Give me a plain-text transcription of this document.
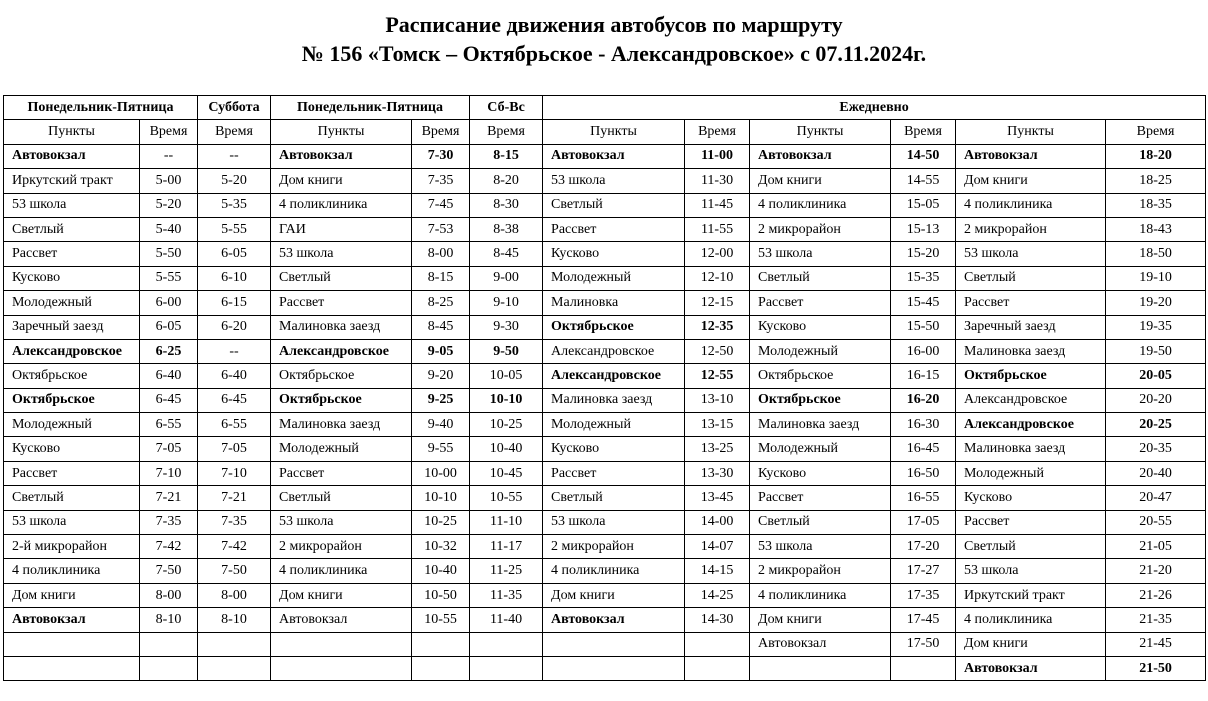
Расписание движения автобусов по маршруту
№ 156 «Томск – Октябрьское - Александровское» с 07.11.2024г.
Понедельник-Пятница		Суббота	Понедельник-Пятница		Сб-Вс	Ежедневно					
Пункты	Время	Время	Пункты	Время	Время	Пункты	Время	Пункты	Время	Пункты	Время
Автовокзал	--	--	Автовокзал	7-30	8-15	Автовокзал	11-00	Автовокзал	14-50	Автовокзал	18-20
Иркутский тракт	5-00	5-20	Дом книги	7-35	8-20	53 школа	11-30	Дом книги	14-55	Дом книги	18-25
53 школа	5-20	5-35	4 поликлиника	7-45	8-30	Светлый	11-45	4 поликлиника	15-05	4 поликлиника	18-35
Светлый	5-40	5-55	ГАИ	7-53	8-38	Рассвет	11-55	2 микрорайон	15-13	2 микрорайон	18-43
Рассвет	5-50	6-05	53 школа	8-00	8-45	Кусково	12-00	53 школа	15-20	53 школа	18-50
Кусково	5-55	6-10	Светлый	8-15	9-00	Молодежный	12-10	Светлый	15-35	Светлый	19-10
Молодежный	6-00	6-15	Рассвет	8-25	9-10	Малиновка	12-15	Рассвет	15-45	Рассвет	19-20
Заречный заезд	6-05	6-20	Малиновка заезд	8-45	9-30	Октябрьское	12-35	Кусково	15-50	Заречный заезд	19-35
Александровское	6-25	--	Александровское	9-05	9-50	Александровское	12-50	Молодежный	16-00	Малиновка заезд	19-50
Октябрьское	6-40	6-40	Октябрьское	9-20	10-05	Александровское	12-55	Октябрьское	16-15	Октябрьское	20-05
Октябрьское	6-45	6-45	Октябрьское	9-25	10-10	Малиновка заезд	13-10	Октябрьское	16-20	Александровское	20-20
Молодежный	6-55	6-55	Малиновка заезд	9-40	10-25	Молодежный	13-15	Малиновка заезд	16-30	Александровское	20-25
Кусково	7-05	7-05	Молодежный	9-55	10-40	Кусково	13-25	Молодежный	16-45	Малиновка заезд	20-35
Рассвет	7-10	7-10	Рассвет	10-00	10-45	Рассвет	13-30	Кусково	16-50	Молодежный	20-40
Светлый	7-21	7-21	Светлый	10-10	10-55	Светлый	13-45	Рассвет	16-55	Кусково	20-47
53 школа	7-35	7-35	53 школа	10-25	11-10	53 школа	14-00	Светлый	17-05	Рассвет	20-55
2-й микрорайон	7-42	7-42	2 микрорайон	10-32	11-17	2 микрорайон	14-07	53 школа	17-20	Светлый	21-05
4 поликлиника	7-50	7-50	4 поликлиника	10-40	11-25	4 поликлиника	14-15	2 микрорайон	17-27	53 школа	21-20
Дом книги	8-00	8-00	Дом книги	10-50	11-35	Дом книги	14-25	4 поликлиника	17-35	Иркутский тракт	21-26
Автовокзал	8-10	8-10	Автовокзал	10-55	11-40	Автовокзал	14-30	Дом книги	17-45	4 поликлиника	21-35
								Автовокзал	17-50	Дом книги	21-45
										Автовокзал	21-50
